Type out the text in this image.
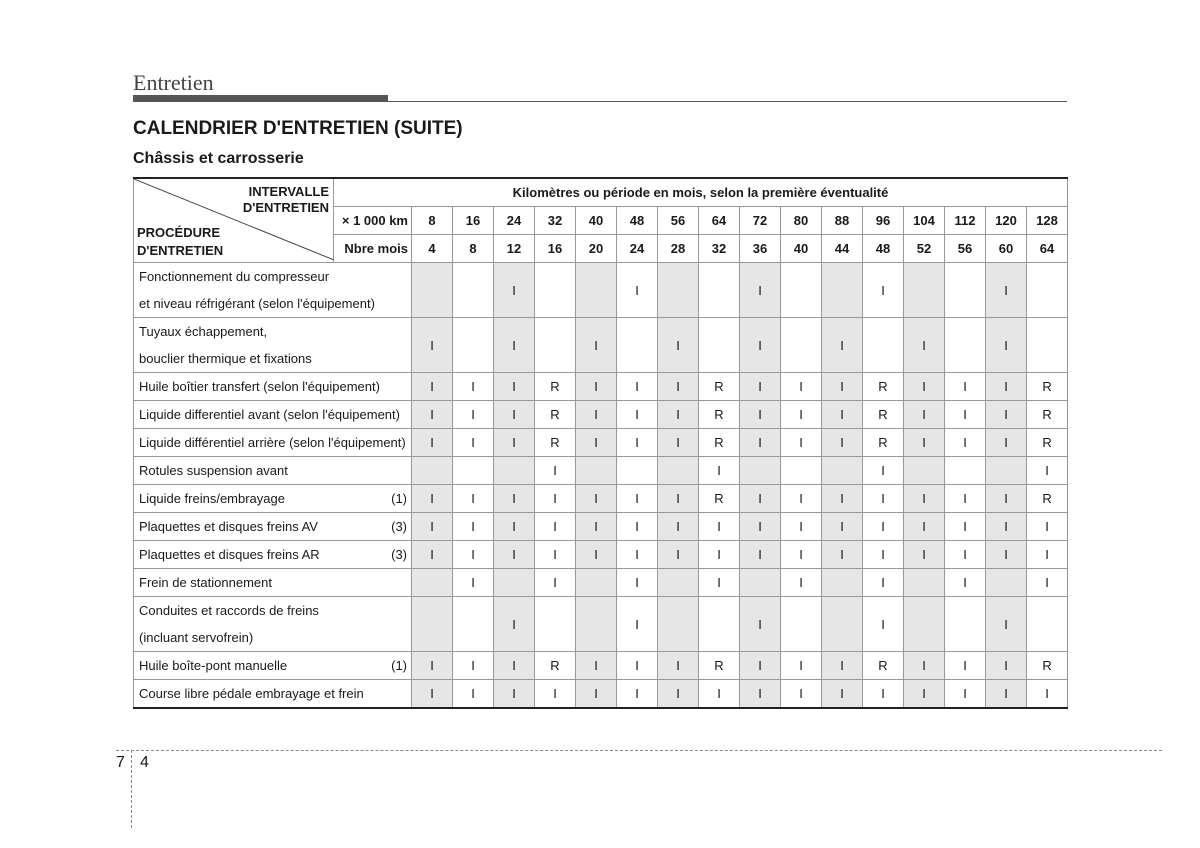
Entretien
CALENDRIER D'ENTRETIEN (SUITE)
Châssis et carrosserie
INTERVALLE
D'ENTRETIEN
PROCÉDURE
D'ENTRETIEN	Kilomètres ou période en mois, selon la première éventualité																
	× 1 000 km	8	16	24	32	40	48	56	64	72	80	88	96	104	112	120	128
	Nbre mois	4	8	12	16	20	24	28	32	36	40	44	48	52	56	60	64

Fonctionnement du compresseur
et niveau réfrigérant (selon l'équipement)				I			I			I			I			I	

Tuyaux échappement,
bouclier thermique et fixations		I		I		I		I		I		I		I		I	

Huile boîtier transfert (selon l'équipement)		I	I	I	R	I	I	I	R	I	I	I	R	I	I	I	R

Liquide differentiel avant (selon l'équipement)		I	I	I	R	I	I	I	R	I	I	I	R	I	I	I	R

Liquide différentiel arrière (selon l'équipement)		I	I	I	R	I	I	I	R	I	I	I	R	I	I	I	R

Rotules suspension avant					I				I				I				I

(1)
Liquide freins/embrayage		I	I	I	I	I	I	I	R	I	I	I	I	I	I	I	R

(3)
Plaquettes et disques freins AV		I	I	I	I	I	I	I	I	I	I	I	I	I	I	I	I

(3)
Plaquettes et disques freins AR		I	I	I	I	I	I	I	I	I	I	I	I	I	I	I	I

Frein de stationnement			I		I		I		I		I		I		I		I

Conduites et raccords de freins
(incluant servofrein)				I			I			I			I			I	

(1)
Huile boîte-pont manuelle		I	I	I	R	I	I	I	R	I	I	I	R	I	I	I	R

Course libre pédale embrayage et frein		I	I	I	I	I	I	I	I	I	I	I	I	I	I	I	I
7 4
